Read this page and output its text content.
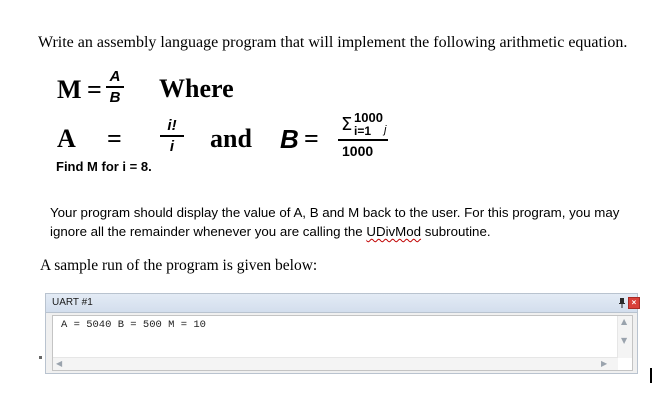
Write an assembly language program that will implement the following arithmetic equation.
M = A
B Where
A =	i!
i	and B = Σ 1000
i=1 j
1000
Find M for i = 8.
Your program should display the value of A, B and M back to the user. For this program, you may
ignore all the remainder whenever you are calling the UDivMod subroutine.
A sample run of the program is given below:
UART #1	×
A = 5040 B = 500 M = 10	▲
▼
◀	▶
